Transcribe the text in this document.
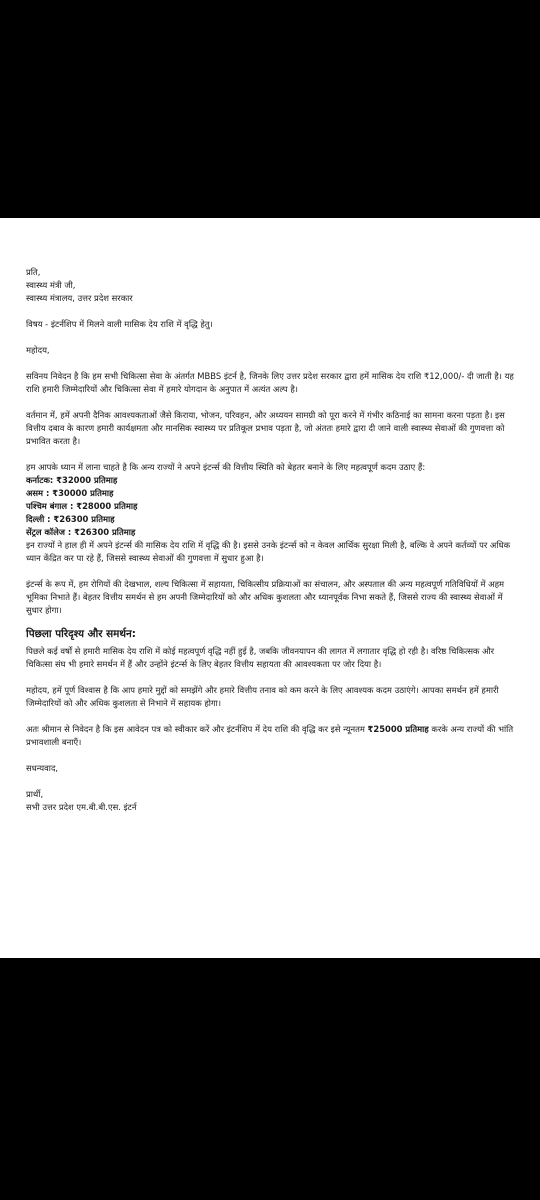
प्रति,

स्वास्थ्य मंत्री जी,

स्वास्थ्य मंत्रालय, उत्तर प्रदेश सरकार

विषय - इंटर्नशिप में मिलने वाली मासिक देय राशि में वृद्धि हेतु।

महोदय,

सविनय निवेदन है कि हम सभी चिकित्सा सेवा के अंतर्गत MBBS इंटर्न है, जिनके लिए उत्तर प्रदेश सरकार द्वारा हमें मासिक देय राशि ₹12,000/- दी जाती है। यह राशि हमारी जिम्मेदारियों और चिकित्सा सेवा में हमारे योगदान के अनुपात में अत्यंत अल्प है।

वर्तमान में, हमें अपनी दैनिक आवश्यकताओं जैसे किराया, भोजन, परिवहन, और अध्ययन सामग्री को पूरा करने में गंभीर कठिनाई का सामना करना पड़ता है। इस वित्तीय दबाव के कारण हमारी कार्यक्षमता और मानसिक स्वास्थ्य पर प्रतिकूल प्रभाव पड़ता है, जो अंततः हमारे द्वारा दी जाने वाली स्वास्थ्य सेवाओं की गुणवत्ता को प्रभावित करता है।

हम आपके ध्यान में लाना चाहते है कि अन्य राज्यों ने अपने इंटर्न्स की वित्तीय स्थिति को बेहतर बनाने के लिए महत्वपूर्ण कदम उठाए हैं:

कर्नाटक: ₹32000 प्रतिमाह

असम : ₹30000 प्रतिमाह

पश्चिम बंगाल : ₹28000 प्रतिमाह

दिल्ली : ₹26300 प्रतिमाह

सेंट्रल कॉलेज : ₹26300 प्रतिमाह

इन राज्यों ने हाल ही में अपने इंटर्न्स की मासिक देय राशि में वृद्धि की है। इससे उनके इंटर्न्स को न केवल आर्थिक सुरक्षा मिली है, बल्कि वे अपने कर्तव्यों पर अधिक ध्यान केंद्रित कर पा रहे हैं, जिससे स्वास्थ्य सेवाओं की गुणवत्ता में सुधार हुआ है।

इंटर्न्स के रूप में, हम रोगियों की देखभाल, शल्य चिकित्सा में सहायता, चिकित्सीय प्रक्रियाओं का संचालन, और अस्पताल की अन्य महत्वपूर्ण गतिविधियों में अहम भूमिका निभाते हैं। बेहतर वित्तीय समर्थन से हम अपनी जिम्मेदारियों को और अधिक कुशलता और ध्यानपूर्वक निभा सकते हैं, जिससे राज्य की स्वास्थ्य सेवाओं में सुधार होगा।

पिछला परिदृश्य और समर्थन:

पिछले कई वर्षों से हमारी मासिक देय राशि में कोई महत्वपूर्ण वृद्धि नहीं हुई है, जबकि जीवनयापन की लागत में लगातार वृद्धि हो रही है। वरिष्ठ चिकित्सक और चिकित्सा संघ भी हमारे समर्थन में हैं और उन्होंने इंटर्न्स के लिए बेहतर वित्तीय सहायता की आवश्यकता पर जोर दिया है।

महोदय, हमें पूर्ण विश्वास है कि आप हमारे मुद्दों को समझेंगे और हमारे वित्तीय तनाव को कम करने के लिए आवश्यक कदम उठाएंगे। आपका समर्थन हमें हमारी जिम्मेदारियों को और अधिक कुशलता से निभाने में सहायक होगा।

अतः श्रीमान से निवेदन है कि इस आवेदन पत्र को स्वीकार करें और इंटर्नशिप में देय राशि की वृद्धि कर इसे न्यूनतम ₹25000 प्रतिमाह करके अन्य राज्यों की भांति प्रभावशाली बनाएँ।

सधन्यवाद,

प्रार्थी,

सभी उत्तर प्रदेश एम.बी.बी.एस. इंटर्न
